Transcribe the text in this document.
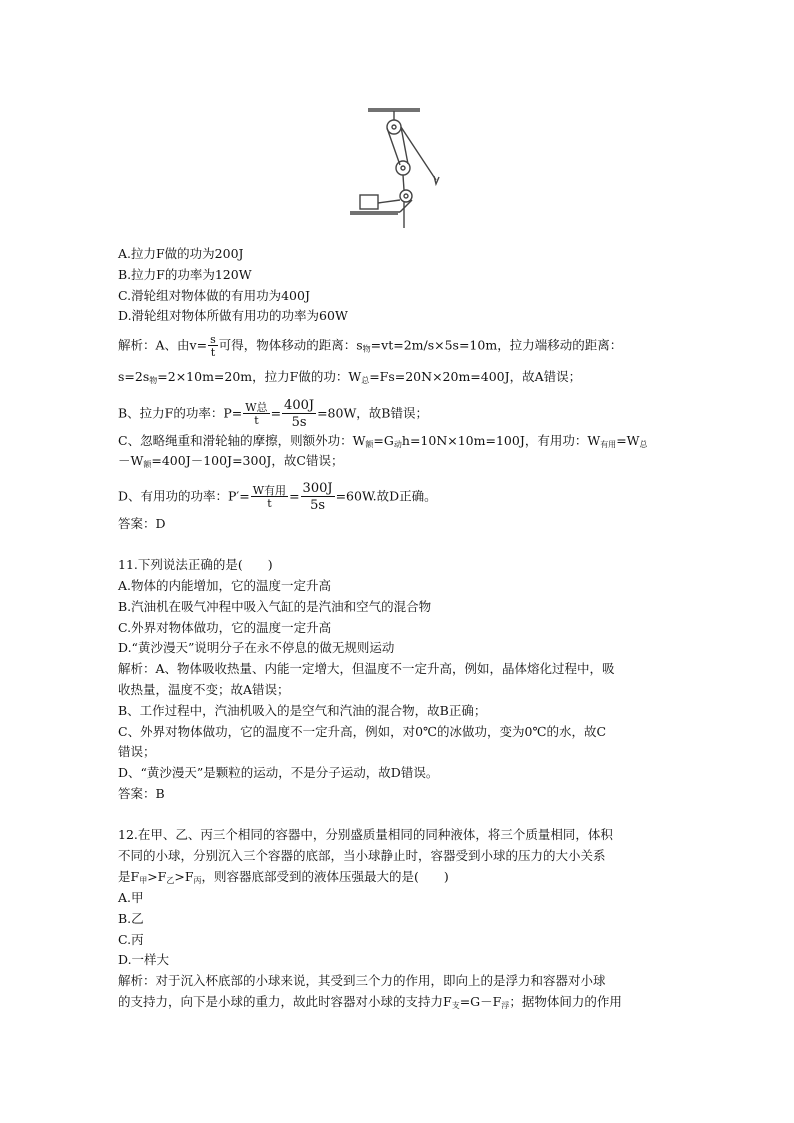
A.拉力F做的功为200J
B.拉力F的功率为120W
C.滑轮组对物体做的有用功为400J
D.滑轮组对物体所做有用功的功率为60W
解析：A、由$v= \frac{s}{t}$ 可得，物体移动的距离：$s_物=vt=2m/s\times 5s=10m$，拉力端移动的距离：
$s=2s_物=2\times 10m=20m$，拉力F做的功：$W_总=Fs=20N\times 20m=400J$，故A错误；
B、拉力F的功率：$P= \frac{\text{W总}}{t} = \frac{400J}{5s} =80W$，故B错误；
C、忽略绳重和滑轮轴的摩擦，则额外功：$W_额=G_动h=10N\times 10m=100J$，有用功：$W_{有用}=W_总$
$-W_额=400J-100J=300J$，故C错误；
D、有用功的功率：$P'= \frac{\text{W有用}}{t} = \frac{300J}{5s} =60W$.故D正确。
答案：D
11.下列说法正确的是(　　)
A.物体的内能增加，它的温度一定升高
B.汽油机在吸气冲程中吸入气缸的是汽油和空气的混合物
C.外界对物体做功，它的温度一定升高
D.“黄沙漫天”说明分子在永不停息的做无规则运动
解析：A、物体吸收热量、内能一定增大，但温度不一定升高，例如，晶体熔化过程中，吸
收热量，温度不变；故A错误；
B、工作过程中，汽油机吸入的是空气和汽油的混合物，故B正确；
C、外界对物体做功，它的温度不一定升高，例如，对0℃的冰做功，变为0℃的水，故C
错误；
D、“黄沙漫天”是颗粒的运动，不是分子运动，故D错误。
答案：B
12.在甲、乙、丙三个相同的容器中，分别盛质量相同的同种液体，将三个质量相同，体积
不同的小球，分别沉入三个容器的底部，当小球静止时，容器受到小球的压力的大小关系
是$F_甲>F_乙>F_丙$，则容器底部受到的液体压强最大的是(　　)
A.甲
B.乙
C.丙
D.一样大
解析：对于沉入杯底部的小球来说，其受到三个力的作用，即向上的是浮力和容器对小球
的支持力，向下是小球的重力，故此时容器对小球的支持力$F_支=G-F_浮$；据物体间力的作用
